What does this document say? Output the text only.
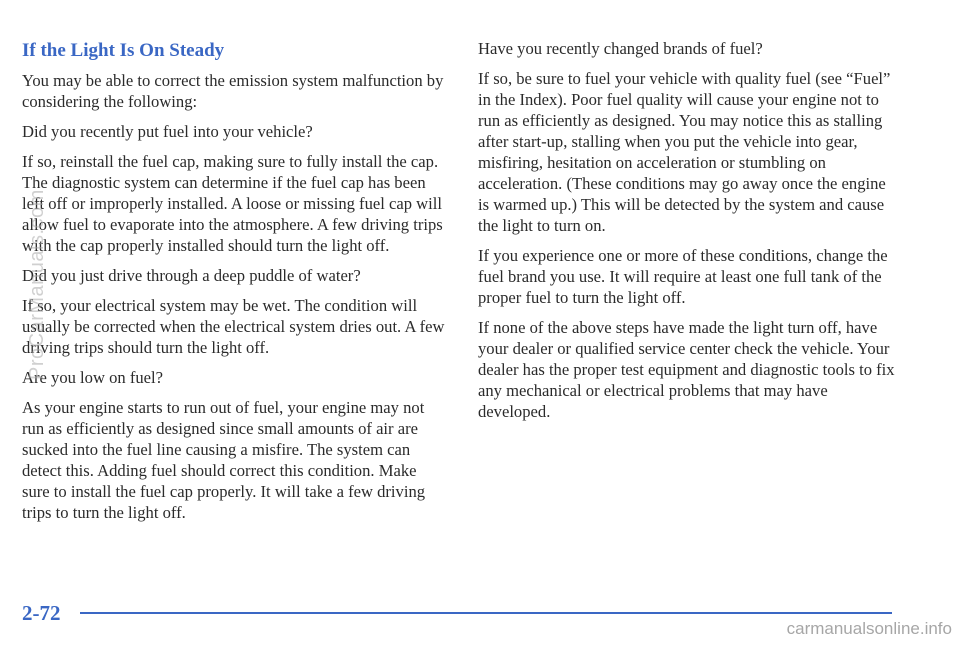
If the Light Is On Steady

You may be able to correct the emission system malfunction by considering the following:

Did you recently put fuel into your vehicle?

If so, reinstall the fuel cap, making sure to fully install the cap. The diagnostic system can determine if the fuel cap has been left off or improperly installed. A loose or missing fuel cap will allow fuel to evaporate into the atmosphere. A few driving trips with the cap properly installed should turn the light off.

Did you just drive through a deep puddle of water?

If so, your electrical system may be wet. The condition will usually be corrected when the electrical system dries out. A few driving trips should turn the light off.

Are you low on fuel?

As your engine starts to run out of fuel, your engine may not run as efficiently as designed since small amounts of air are sucked into the fuel line causing a misfire. The system can detect this. Adding fuel should correct this condition. Make sure to install the fuel cap properly. It will take a few driving trips to turn the light off.

Have you recently changed brands of fuel?

If so, be sure to fuel your vehicle with quality fuel (see “Fuel” in the Index). Poor fuel quality will cause your engine not to run as efficiently as designed. You may notice this as stalling after start-up, stalling when you put the vehicle into gear, misfiring, hesitation on acceleration or stumbling on acceleration. (These conditions may go away once the engine is warmed up.) This will be detected by the system and cause the light to turn on.

If you experience one or more of these conditions, change the fuel brand you use. It will require at least one full tank of the proper fuel to turn the light off.

If none of the above steps have made the light turn off, have your dealer or qualified service center check the vehicle. Your dealer has the proper test equipment and diagnostic tools to fix any mechanical or electrical problems that may have developed.

2-72
ProCarManuals.com
carmanualsonline.info
